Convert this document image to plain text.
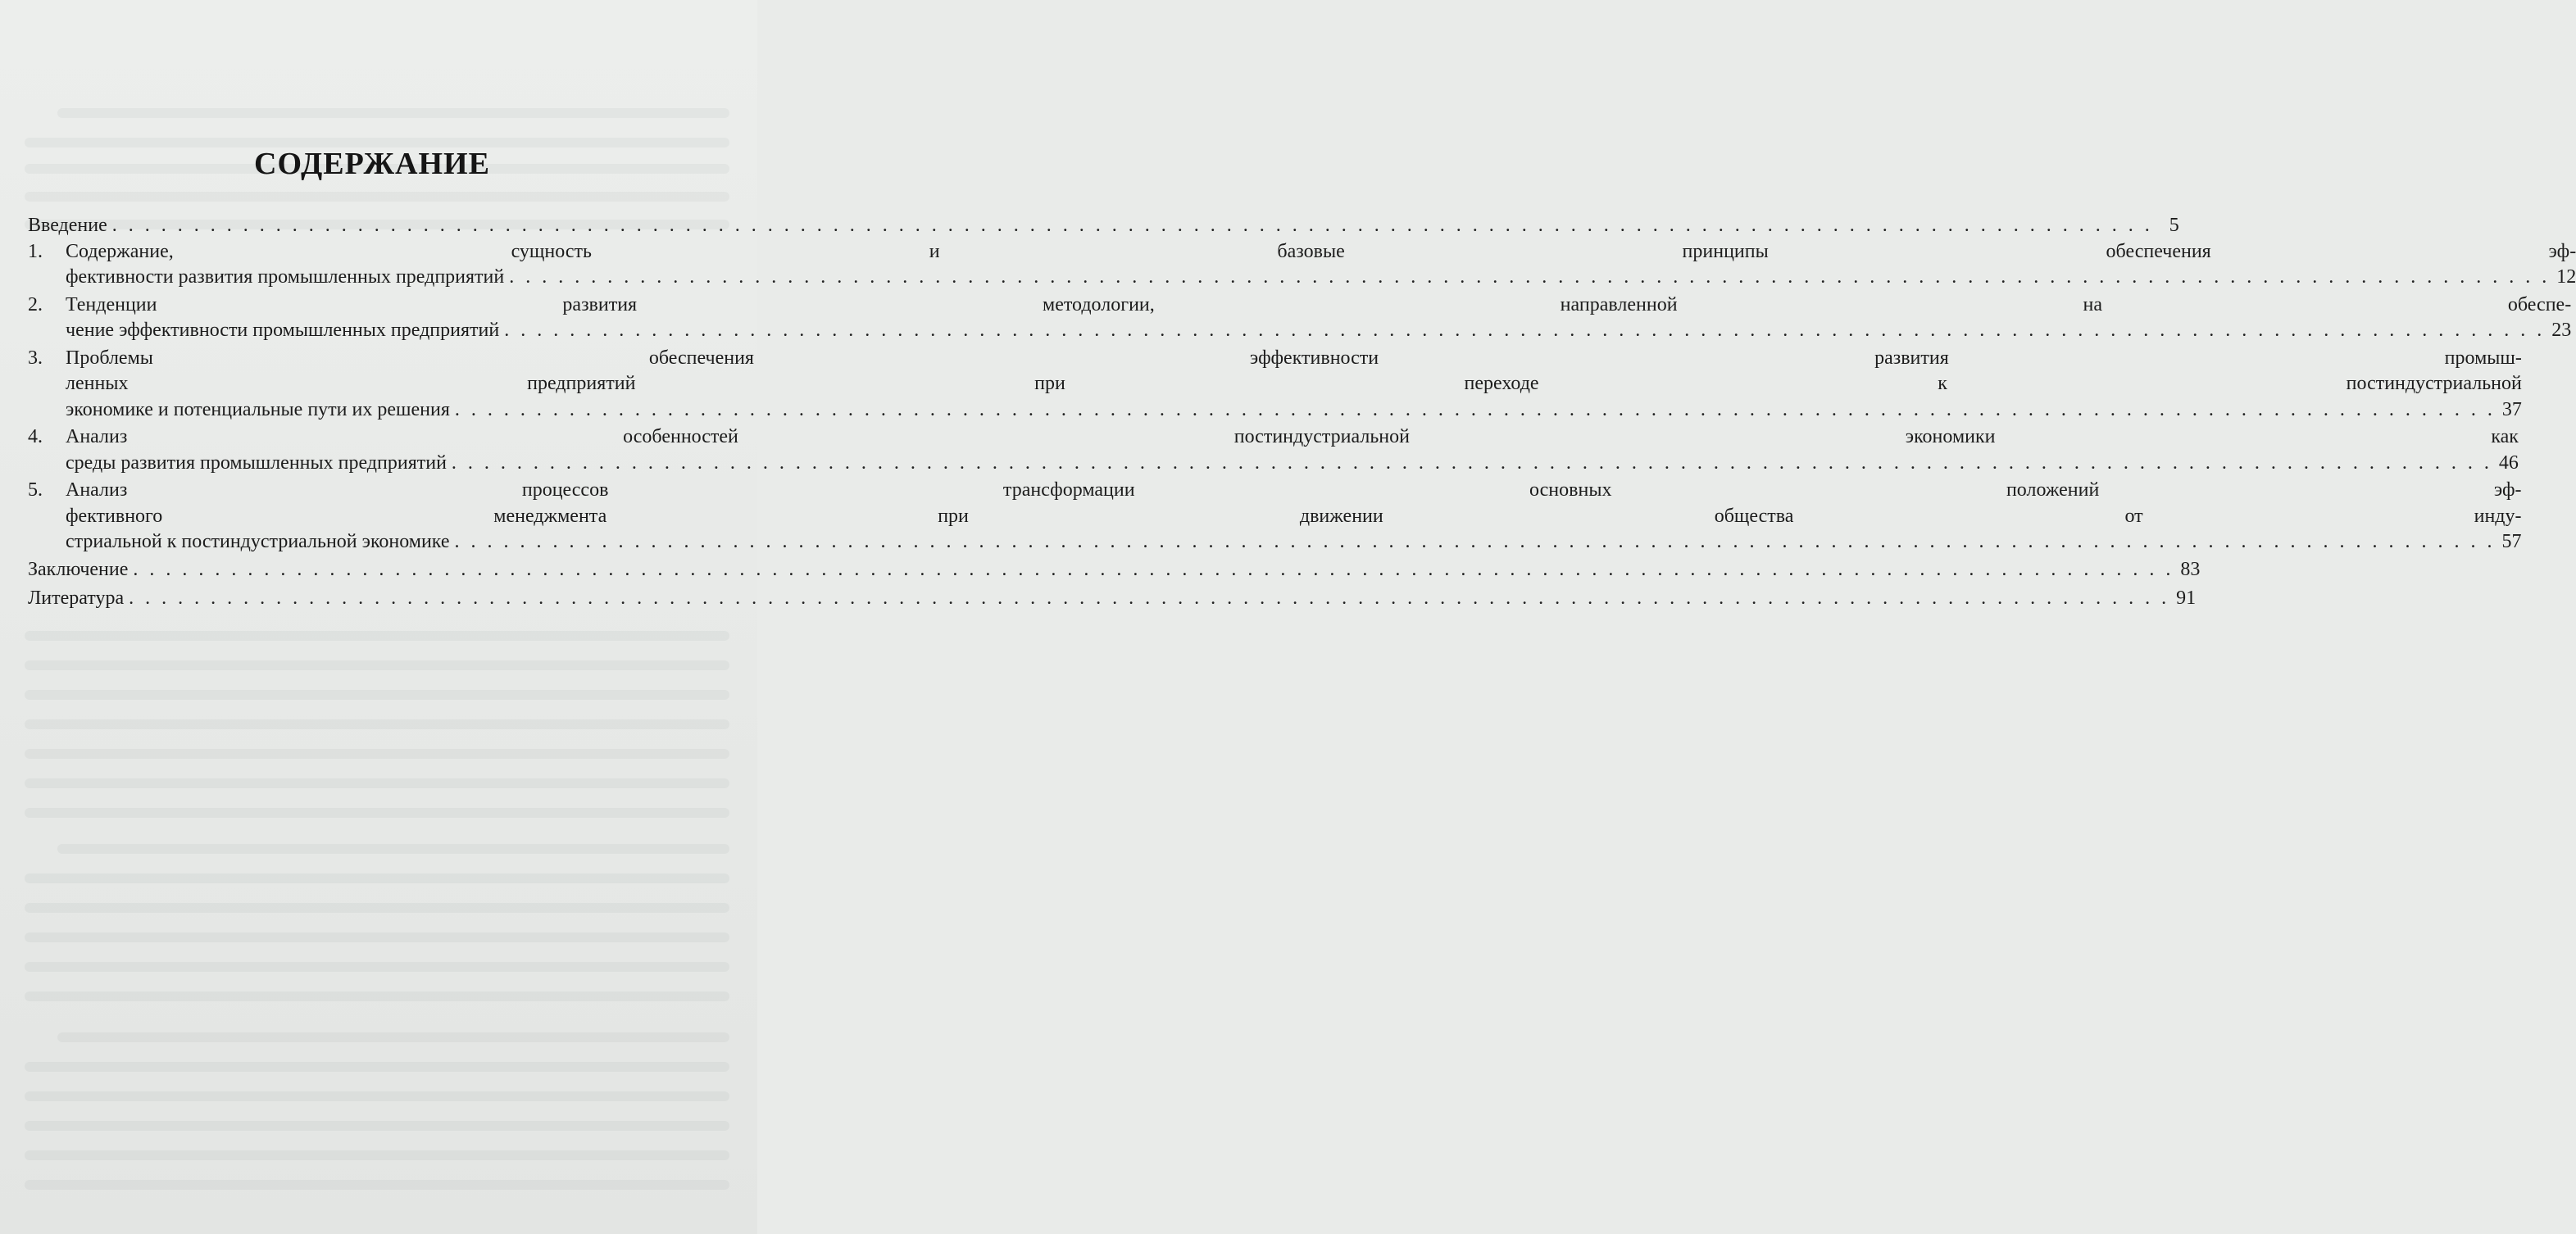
СОДЕРЖАНИЕ
Введение . . .	5
1.	Содержание, сущность и базовые принципы обеспечения эф-
фективности развития промышленных предприятий . . .	12
2.	Тенденции развития методологии, направленной на обеспе-
чение эффективности промышленных предприятий . . .	23
3.	Проблемы обеспечения эффективности развития промыш-
ленных предприятий при переходе к постиндустриальной
экономике и потенциальные пути их решения . . .	37
4.	Анализ особенностей постиндустриальной экономики как
среды развития промышленных предприятий . . .	46
5.	Анализ процессов трансформации основных положений эф-
фективного менеджмента при движении общества от инду-
стриальной к постиндустриальной экономике . . .	57
Заключение . . .	83
Литература . . .	91
